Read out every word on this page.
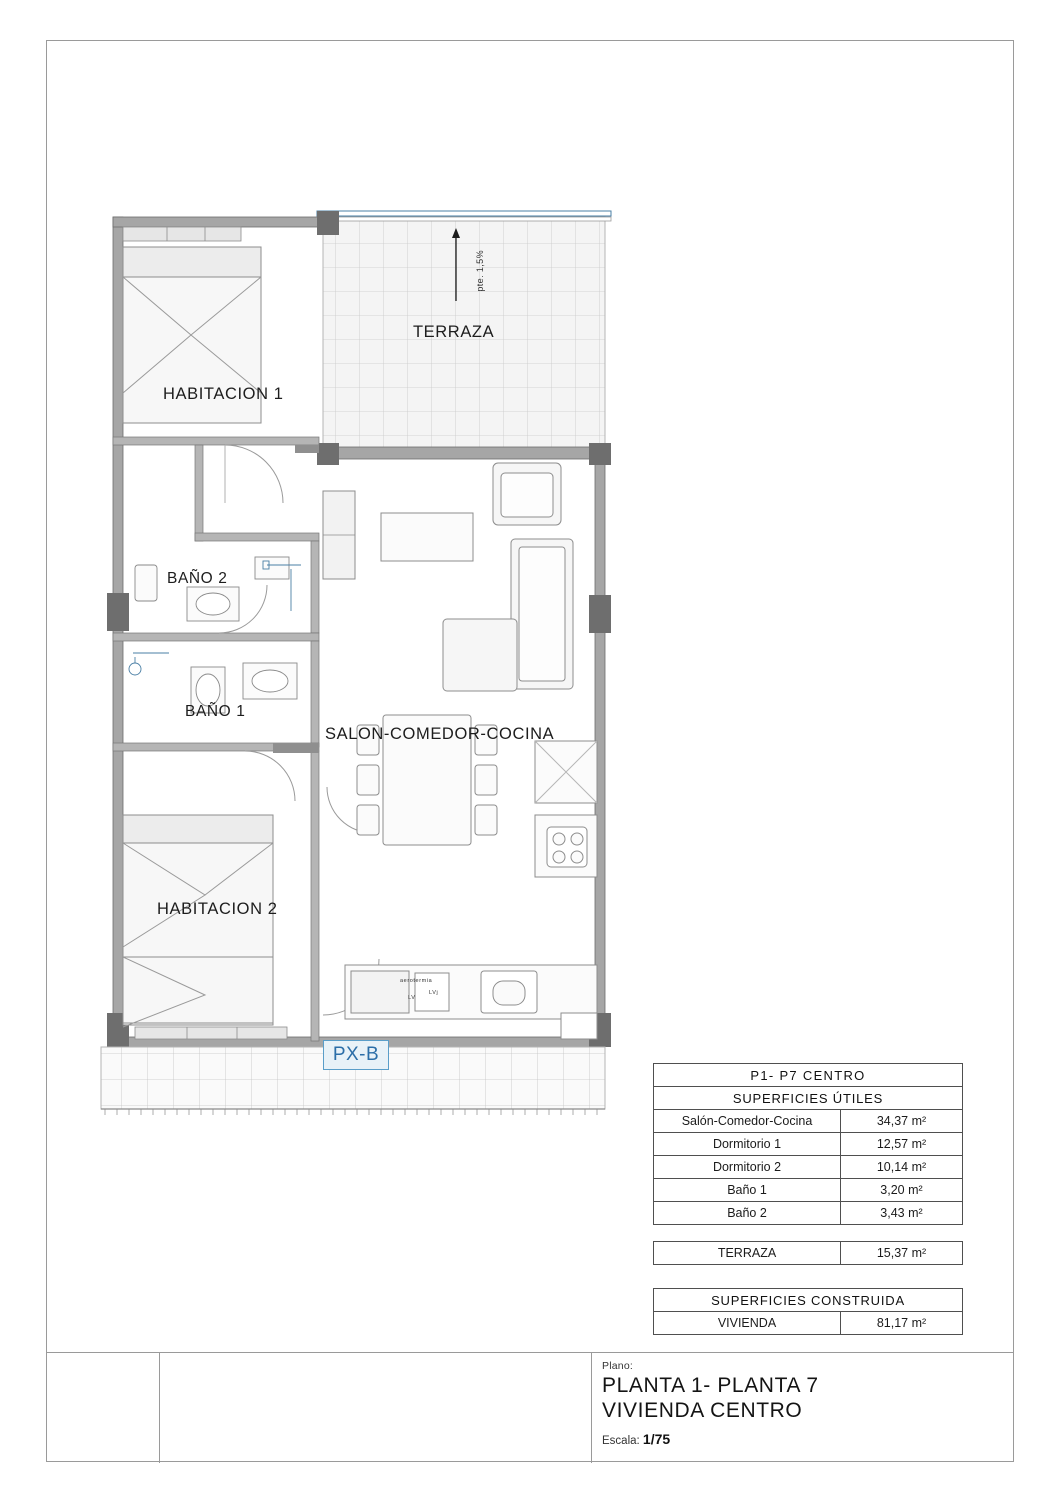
HABITACION 1
HABITACION 2
TERRAZA
SALON-COMEDOR-COCINA
BAÑO 1
BAÑO 2
pte. 1,5%
aerotermia
LV
LVj
PX-B
P1- P7 CENTRO
SUPERFICIES ÚTILES
Salón-Comedor-Cocina	34,37 m²
Dormitorio 1	12,57 m²
Dormitorio 2	10,14 m²
Baño 1	3,20 m²
Baño 2	3,43 m²
TERRAZA	15,37 m²
SUPERFICIES CONSTRUIDA
VIVIENDA	81,17 m²
Plano:
PLANTA 1- PLANTA 7
VIVIENDA CENTRO
Escala: 1/75
